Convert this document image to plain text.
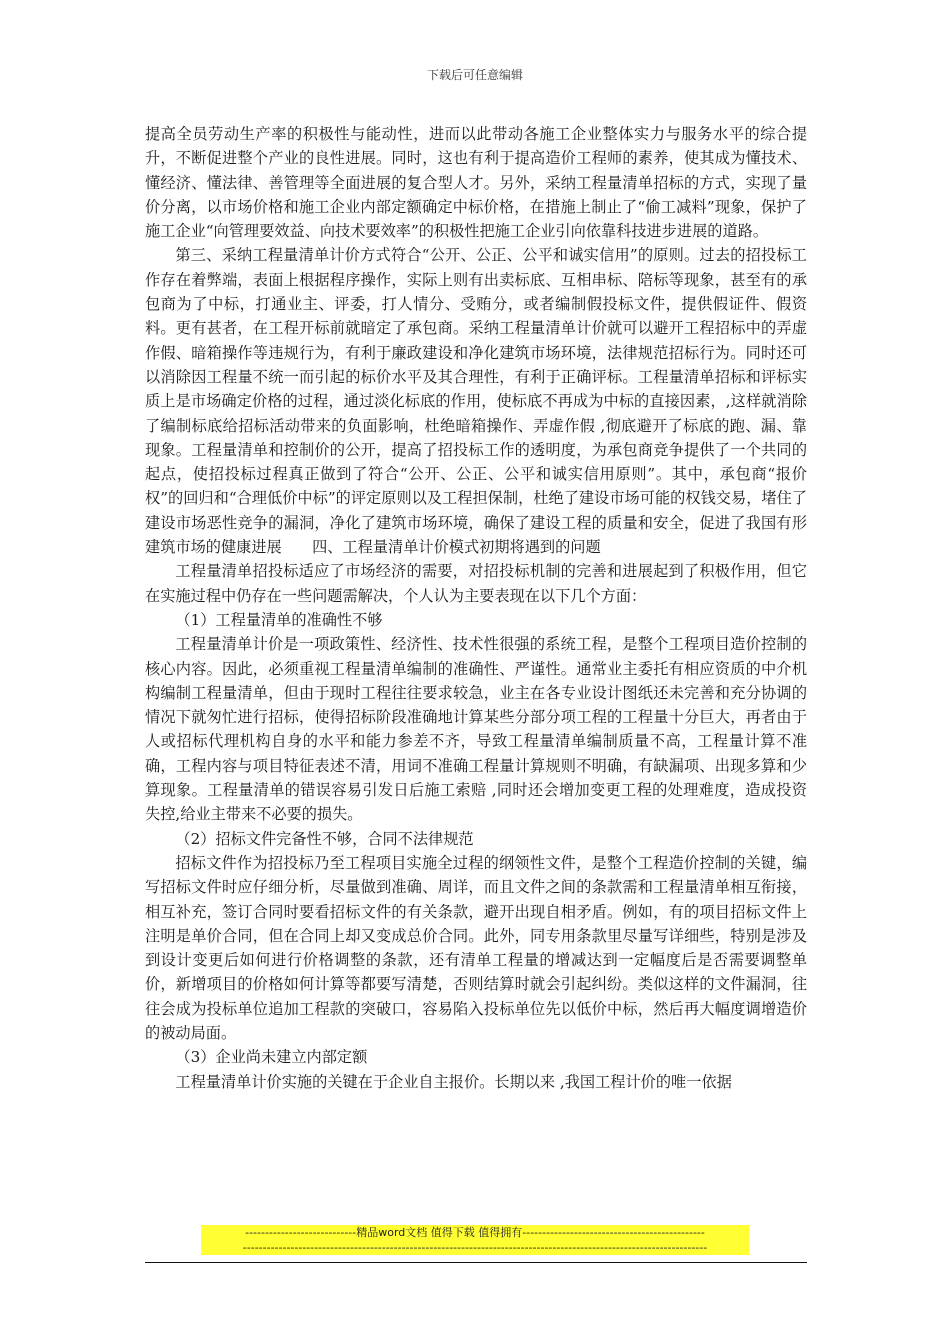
下载后可任意编辑

提高全员劳动生产率的积极性与能动性，进而以此带动各施工企业整体实力与服务水平的综合提升，不断促进整个产业的良性进展。同时，这也有利于提高造价工程师的素养，使其成为懂技术、懂经济、懂法律、善管理等全面进展的复合型人才。另外，采纳工程量清单招标的方式，实现了量价分离，以市场价格和施工企业内部定额确定中标价格，在措施上制止了“偷工减料”现象，保护了施工企业“向管理要效益、向技术要效率”的积极性把施工企业引向依靠科技进步进展的道路。

第三、采纳工程量清单计价方式符合“公开、公正、公平和诚实信用”的原则。过去的招投标工作存在着弊端，表面上根据程序操作，实际上则有出卖标底、互相串标、陪标等现象，甚至有的承包商为了中标，打通业主、评委，打人情分、受贿分，或者编制假投标文件，提供假证件、假资料。更有甚者，在工程开标前就暗定了承包商。采纳工程量清单计价就可以避开工程招标中的弄虚作假、暗箱操作等违规行为，有利于廉政建设和净化建筑市场环境，法律规范招标行为。同时还可以消除因工程量不统一而引起的标价水平及其合理性，有利于正确评标。工程量清单招标和评标实质上是市场确定价格的过程，通过淡化标底的作用，使标底不再成为中标的直接因素，,这样就消除了编制标底给招标活动带来的负面影响，杜绝暗箱操作、弄虚作假 ,彻底避开了标底的跑、漏、靠现象。工程量清单和控制价的公开，提高了招投标工作的透明度，为承包商竞争提供了一个共同的起点，使招投标过程真正做到了符合“公开、公正、公平和诚实信用原则”。其中，承包商“报价权”的回归和“合理低价中标”的评定原则以及工程担保制，杜绝了建设市场可能的权钱交易，堵住了建设市场恶性竞争的漏洞，净化了建筑市场环境，确保了建设工程的质量和安全，促进了我国有形建筑市场的健康进展　　四、工程量清单计价模式初期将遇到的问题

工程量清单招投标适应了市场经济的需要，对招投标机制的完善和进展起到了积极作用，但它在实施过程中仍存在一些问题需解决，个人认为主要表现在以下几个方面：

（1）工程量清单的准确性不够

工程量清单计价是一项政策性、经济性、技术性很强的系统工程，是整个工程项目造价控制的核心内容。因此，必须重视工程量清单编制的准确性、严谨性。通常业主委托有相应资质的中介机构编制工程量清单，但由于现时工程往往要求较急，业主在各专业设计图纸还未完善和充分协调的情况下就匆忙进行招标，使得招标阶段准确地计算某些分部分项工程的工程量十分巨大，再者由于人或招标代理机构自身的水平和能力参差不齐，导致工程量清单编制质量不高，工程量计算不准确，工程内容与项目特征表述不清，用词不准确工程量计算规则不明确，有缺漏项、出现多算和少算现象。工程量清单的错误容易引发日后施工索赔 ,同时还会增加变更工程的处理难度，造成投资失控,给业主带来不必要的损失。

（2）招标文件完备性不够，合同不法律规范

招标文件作为招投标乃至工程项目实施全过程的纲领性文件，是整个工程造价控制的关键，编写招标文件时应仔细分析，尽量做到准确、周详，而且文件之间的条款需和工程量清单相互衔接，相互补充，签订合同时要看招标文件的有关条款，避开出现自相矛盾。例如，有的项目招标文件上注明是单价合同，但在合同上却又变成总价合同。此外，同专用条款里尽量写详细些，特别是涉及到设计变更后如何进行价格调整的条款，还有清单工程量的增减达到一定幅度后是否需要调整单价，新增项目的价格如何计算等都要写清楚，否则结算时就会引起纠纷。类似这样的文件漏洞，往往会成为投标单位追加工程款的突破口，容易陷入投标单位先以低价中标，然后再大幅度调增造价的被动局面。

（3）企业尚未建立内部定额

工程量清单计价实施的关键在于企业自主报价。长期以来 ,我国工程计价的唯一依据

----------------------------精品word文档 值得下载 值得拥有----------------------------------------------
---------------------------------------------------------------------------------------------------------------------
